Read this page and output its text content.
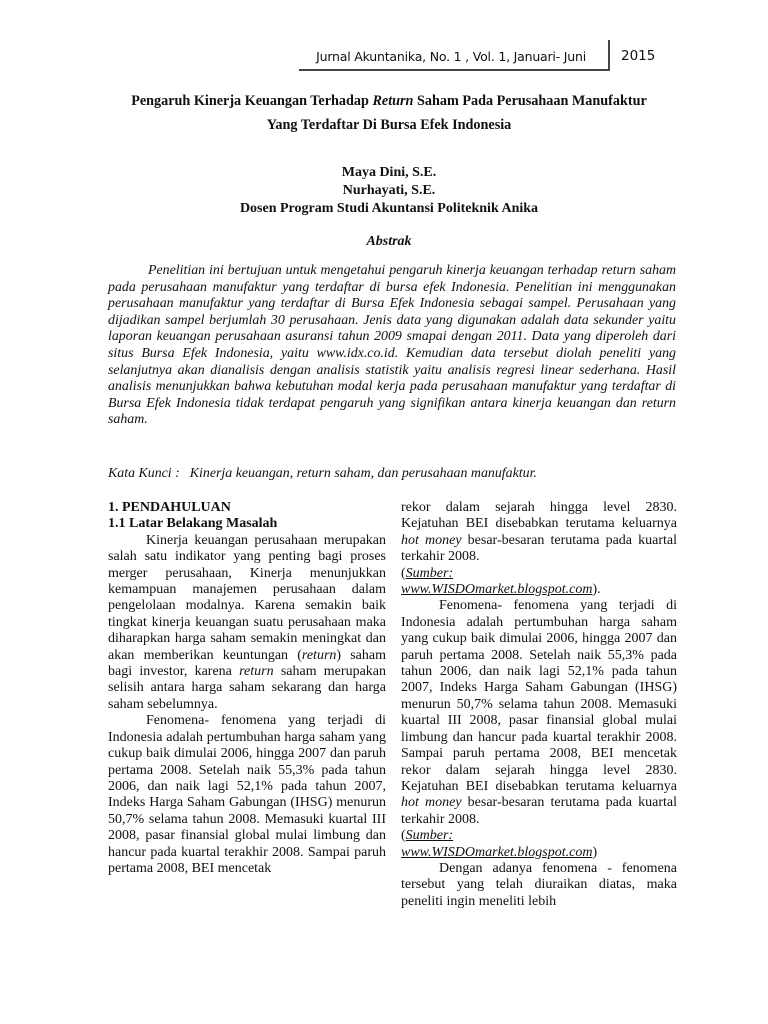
Jurnal Akuntanika, No. 1 , Vol. 1, Januari- Juni	2015
Pengaruh Kinerja Keuangan Terhadap Return Saham Pada Perusahaan Manufaktur
Yang Terdaftar Di Bursa Efek Indonesia
Maya Dini, S.E.
Nurhayati, S.E.
Dosen Program Studi Akuntansi Politeknik Anika
Abstrak

Penelitian ini bertujuan untuk mengetahui pengaruh kinerja keuangan terhadap return saham pada perusahaan manufaktur yang terdaftar di bursa efek Indonesia. Penelitian ini menggunakan perusahaan manufaktur yang terdaftar di Bursa Efek Indonesia sebagai sampel. Perusahaan yang dijadikan sampel berjumlah 30 perusahaan. Jenis data yang digunakan adalah data sekunder yaitu laporan keuangan perusahaan asuransi tahun 2009 smapai dengan 2011. Data yang diperoleh dari situs Bursa Efek Indonesia, yaitu www.idx.co.id. Kemudian data tersebut diolah peneliti yang selanjutnya akan dianalisis dengan analisis statistik yaitu analisis regresi linear sederhana. Hasil analisis menunjukkan bahwa kebutuhan modal kerja pada perusahaan manufaktur yang terdaftar di Bursa Efek Indonesia tidak terdapat pengaruh yang signifikan antara kinerja keuangan dan return saham.

Kata Kunci : Kinerja keuangan, return saham, dan perusahaan manufaktur.

1. PENDAHULUAN

1.1 Latar Belakang Masalah

Kinerja keuangan perusahaan merupakan salah satu indikator yang penting bagi proses merger perusahaan, Kinerja menunjukkan kemampuan manajemen perusahaan dalam pengelolaan modalnya. Karena semakin baik tingkat kinerja keuangan suatu perusahaan maka diharapkan harga saham semakin meningkat dan akan memberikan keuntungan (return) saham bagi investor, karena return saham merupakan selisih antara harga saham sekarang dan harga saham sebelumnya.

Fenomena- fenomena yang terjadi di Indonesia adalah pertumbuhan harga saham yang cukup baik dimulai 2006, hingga 2007 dan paruh pertama 2008. Setelah naik 55,3% pada tahun 2006, dan naik lagi 52,1% pada tahun 2007, Indeks Harga Saham Gabungan (IHSG) menurun 50,7% selama tahun 2008. Memasuki kuartal III 2008, pasar finansial global mulai limbung dan hancur pada kuartal terakhir 2008. Sampai paruh pertama 2008, BEI mencetak

rekor dalam sejarah hingga level 2830. Kejatuhan BEI disebabkan terutama keluarnya hot money besar-besaran terutama pada kuartal terkahir 2008.
(Sumber:
www.WISDOmarket.blogspot.com).

Fenomena- fenomena yang terjadi di Indonesia adalah pertumbuhan harga saham yang cukup baik dimulai 2006, hingga 2007 dan paruh pertama 2008. Setelah naik 55,3% pada tahun 2006, dan naik lagi 52,1% pada tahun 2007, Indeks Harga Saham Gabungan (IHSG) menurun 50,7% selama tahun 2008. Memasuki kuartal III 2008, pasar finansial global mulai limbung dan hancur pada kuartal terakhir 2008. Sampai paruh pertama 2008, BEI mencetak rekor dalam sejarah hingga level 2830. Kejatuhan BEI disebabkan terutama keluarnya hot money besar-besaran terutama pada kuartal terkahir 2008.
(Sumber:
www.WISDOmarket.blogspot.com)

Dengan adanya fenomena - fenomena tersebut yang telah diuraikan diatas, maka peneliti ingin meneliti lebih
